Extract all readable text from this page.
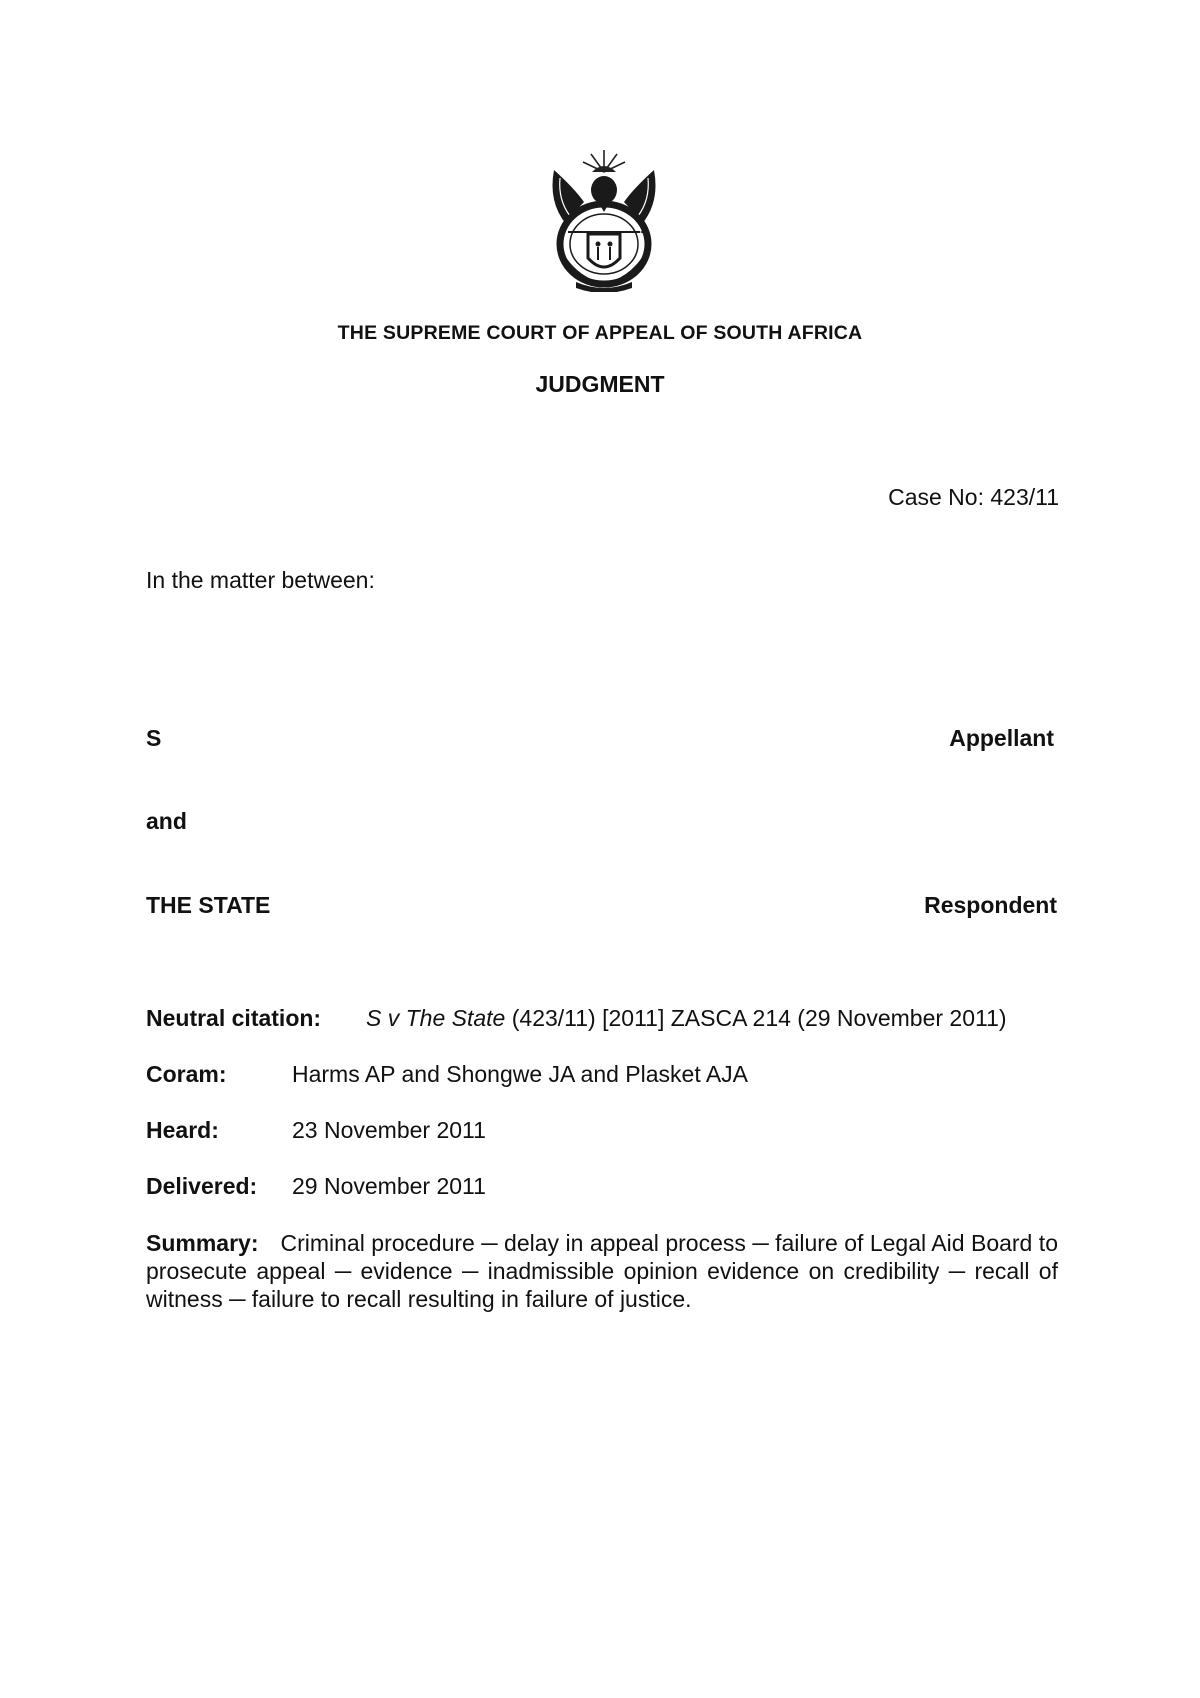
THE SUPREME COURT OF APPEAL OF SOUTH AFRICA
JUDGMENT
Case No: 423/11
In the matter between:
S	Appellant
and
THE STATE	Respondent
Neutral citation: S v The State (423/11) [2011] ZASCA 214 (29 November 2011)
Coram:	Harms AP and Shongwe JA and Plasket AJA
Heard:	23 November 2011
Delivered: 29 November 2011
Summary: Criminal procedure ─ delay in appeal process ─ failure of Legal Aid Board to prosecute appeal ─ evidence ─ inadmissible opinion evidence on credibility ─ recall of witness ─ failure to recall resulting in failure of justice.
